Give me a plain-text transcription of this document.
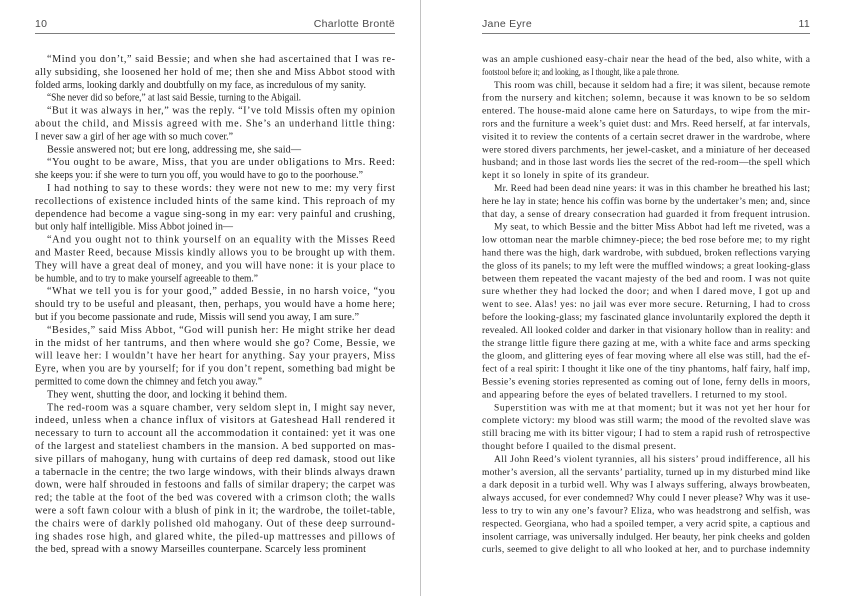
10	Charlotte Brontë
“Mind you don’t,” said Bessie; and when she had ascertained that I was re-
ally subsiding, she loosened her hold of me; then she and Miss Abbot stood with
folded arms, looking darkly and doubtfully on my face, as incredulous of my sanity.
“She never did so before,” at last said Bessie, turning to the Abigail.
“But it was always in her,” was the reply. “I’ve told Missis often my opinion
about the child, and Missis agreed with me. She’s an underhand little thing:
I never saw a girl of her age with so much cover.”
Bessie answered not; but ere long, addressing me, she said—
“You ought to be aware, Miss, that you are under obligations to Mrs. Reed:
she keeps you: if she were to turn you off, you would have to go to the poorhouse.”
I had nothing to say to these words: they were not new to me: my very first
recollections of existence included hints of the same kind. This reproach of my
dependence had become a vague sing-song in my ear: very painful and crushing,
but only half intelligible. Miss Abbot joined in—
“And you ought not to think yourself on an equality with the Misses Reed
and Master Reed, because Missis kindly allows you to be brought up with them.
They will have a great deal of money, and you will have none: it is your place to
be humble, and to try to make yourself agreeable to them.”
“What we tell you is for your good,” added Bessie, in no harsh voice, “you
should try to be useful and pleasant, then, perhaps, you would have a home here;
but if you become passionate and rude, Missis will send you away, I am sure.”
“Besides,” said Miss Abbot, “God will punish her: He might strike her dead
in the midst of her tantrums, and then where would she go? Come, Bessie, we
will leave her: I wouldn’t have her heart for anything. Say your prayers, Miss
Eyre, when you are by yourself; for if you don’t repent, something bad might be
permitted to come down the chimney and fetch you away.”
They went, shutting the door, and locking it behind them.
The red-room was a square chamber, very seldom slept in, I might say never,
indeed, unless when a chance influx of visitors at Gateshead Hall rendered it
necessary to turn to account all the accommodation it contained: yet it was one
of the largest and stateliest chambers in the mansion. A bed supported on mas-
sive pillars of mahogany, hung with curtains of deep red damask, stood out like
a tabernacle in the centre; the two large windows, with their blinds always drawn
down, were half shrouded in festoons and falls of similar drapery; the carpet was
red; the table at the foot of the bed was covered with a crimson cloth; the walls
were a soft fawn colour with a blush of pink in it; the wardrobe, the toilet-table,
the chairs were of darkly polished old mahogany. Out of these deep surround-
ing shades rose high, and glared white, the piled-up mattresses and pillows of
the bed, spread with a snowy Marseilles counterpane. Scarcely less prominent
Jane Eyre	11
was an ample cushioned easy-chair near the head of the bed, also white, with a
footstool before it; and looking, as I thought, like a pale throne.
This room was chill, because it seldom had a fire; it was silent, because remote
from the nursery and kitchen; solemn, because it was known to be so seldom
entered. The house-maid alone came here on Saturdays, to wipe from the mir-
rors and the furniture a week’s quiet dust: and Mrs. Reed herself, at far intervals,
visited it to review the contents of a certain secret drawer in the wardrobe, where
were stored divers parchments, her jewel-casket, and a miniature of her deceased
husband; and in those last words lies the secret of the red-room—the spell which
kept it so lonely in spite of its grandeur.
Mr. Reed had been dead nine years: it was in this chamber he breathed his last;
here he lay in state; hence his coffin was borne by the undertaker’s men; and, since
that day, a sense of dreary consecration had guarded it from frequent intrusion.
My seat, to which Bessie and the bitter Miss Abbot had left me riveted, was a
low ottoman near the marble chimney-piece; the bed rose before me; to my right
hand there was the high, dark wardrobe, with subdued, broken reflections varying
the gloss of its panels; to my left were the muffled windows; a great looking-glass
between them repeated the vacant majesty of the bed and room. I was not quite
sure whether they had locked the door; and when I dared move, I got up and
went to see. Alas! yes: no jail was ever more secure. Returning, I had to cross
before the looking-glass; my fascinated glance involuntarily explored the depth it
revealed. All looked colder and darker in that visionary hollow than in reality: and
the strange little figure there gazing at me, with a white face and arms specking
the gloom, and glittering eyes of fear moving where all else was still, had the ef-
fect of a real spirit: I thought it like one of the tiny phantoms, half fairy, half imp,
Bessie’s evening stories represented as coming out of lone, ferny dells in moors,
and appearing before the eyes of belated travellers. I returned to my stool.
Superstition was with me at that moment; but it was not yet her hour for
complete victory: my blood was still warm; the mood of the revolted slave was
still bracing me with its bitter vigour; I had to stem a rapid rush of retrospective
thought before I quailed to the dismal present.
All John Reed’s violent tyrannies, all his sisters’ proud indifference, all his
mother’s aversion, all the servants’ partiality, turned up in my disturbed mind like
a dark deposit in a turbid well. Why was I always suffering, always browbeaten,
always accused, for ever condemned? Why could I never please? Why was it use-
less to try to win any one’s favour? Eliza, who was headstrong and selfish, was
respected. Georgiana, who had a spoiled temper, a very acrid spite, a captious and
insolent carriage, was universally indulged. Her beauty, her pink cheeks and golden
curls, seemed to give delight to all who looked at her, and to purchase indemnity
